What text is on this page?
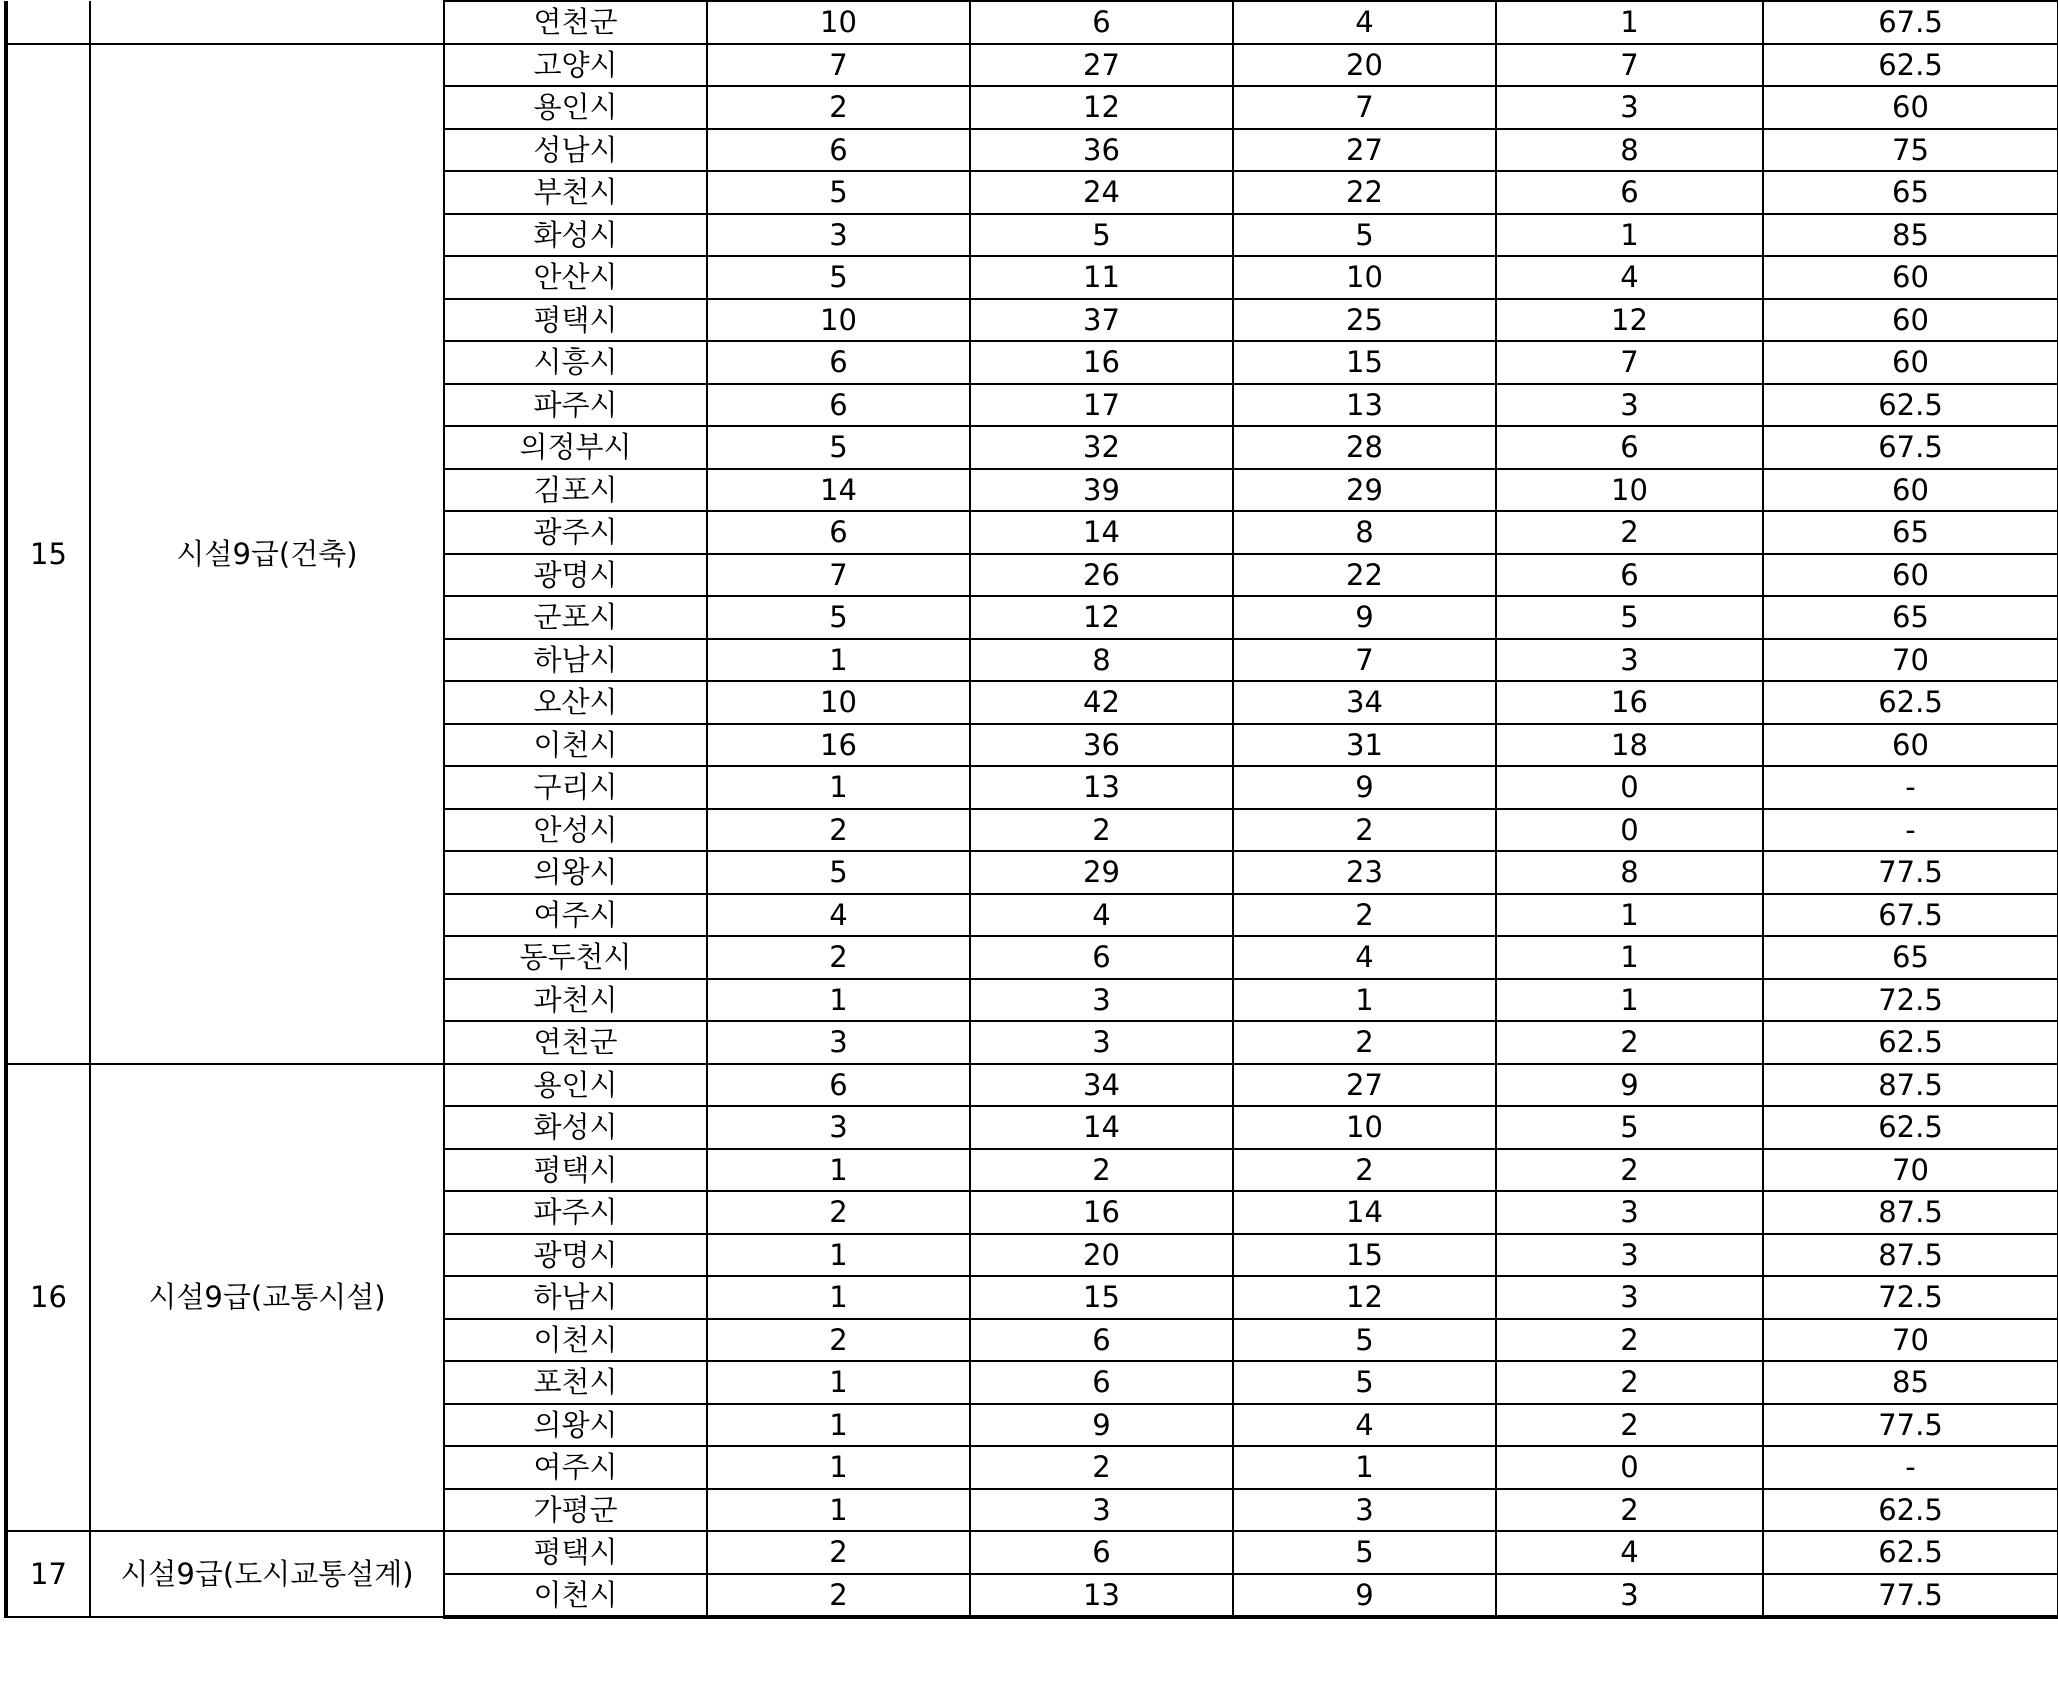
		연천군	10	6	4	1	67.5
15	시설9급(건축)	고양시	7	27	20	7	62.5
		용인시	2	12	7	3	60
		성남시	6	36	27	8	75
		부천시	5	24	22	6	65
		화성시	3	5	5	1	85
		안산시	5	11	10	4	60
		평택시	10	37	25	12	60
		시흥시	6	16	15	7	60
		파주시	6	17	13	3	62.5
		의정부시	5	32	28	6	67.5
		김포시	14	39	29	10	60
		광주시	6	14	8	2	65
		광명시	7	26	22	6	60
		군포시	5	12	9	5	65
		하남시	1	8	7	3	70
		오산시	10	42	34	16	62.5
		이천시	16	36	31	18	60
		구리시	1	13	9	0	-
		안성시	2	2	2	0	-
		의왕시	5	29	23	8	77.5
		여주시	4	4	2	1	67.5
		동두천시	2	6	4	1	65
		과천시	1	3	1	1	72.5
		연천군	3	3	2	2	62.5
16	시설9급(교통시설)	용인시	6	34	27	9	87.5
		화성시	3	14	10	5	62.5
		평택시	1	2	2	2	70
		파주시	2	16	14	3	87.5
		광명시	1	20	15	3	87.5
		하남시	1	15	12	3	72.5
		이천시	2	6	5	2	70
		포천시	1	6	5	2	85
		의왕시	1	9	4	2	77.5
		여주시	1	2	1	0	-
		가평군	1	3	3	2	62.5
17	시설9급(도시교통설계)	평택시	2	6	5	4	62.5
		이천시	2	13	9	3	77.5
